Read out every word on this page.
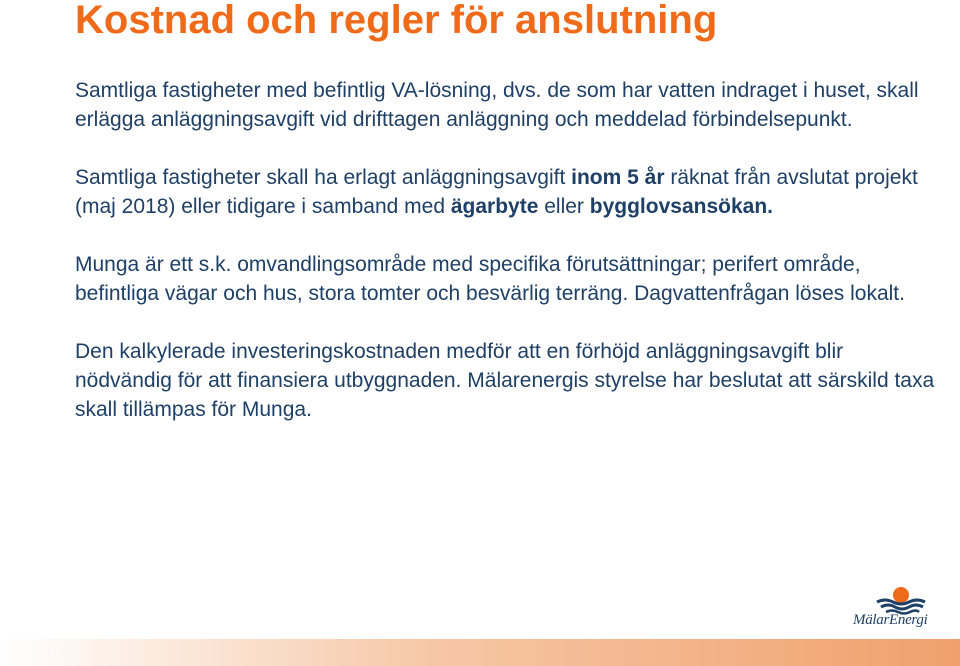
Kostnad och regler för anslutning

Samtliga fastigheter med befintlig VA-lösning, dvs. de som har vatten indraget i huset, skall erlägga anläggningsavgift vid drifttagen anläggning och meddelad förbindelsepunkt.

Samtliga fastigheter skall ha erlagt anläggningsavgift inom 5 år räknat från avslutat projekt (maj 2018) eller tidigare i samband med ägarbyte eller bygglovsansökan.

Munga är ett s.k. omvandlingsområde med specifika förutsättningar; perifert område, befintliga vägar och hus, stora tomter och besvärlig terräng. Dagvattenfrågan löses lokalt.

Den kalkylerade investeringskostnaden medför att en förhöjd anläggningsavgift blir nödvändig för att finansiera utbyggnaden. Mälarenergis styrelse har beslutat att särskild taxa skall tillämpas för Munga.

MälarEnergi
13
